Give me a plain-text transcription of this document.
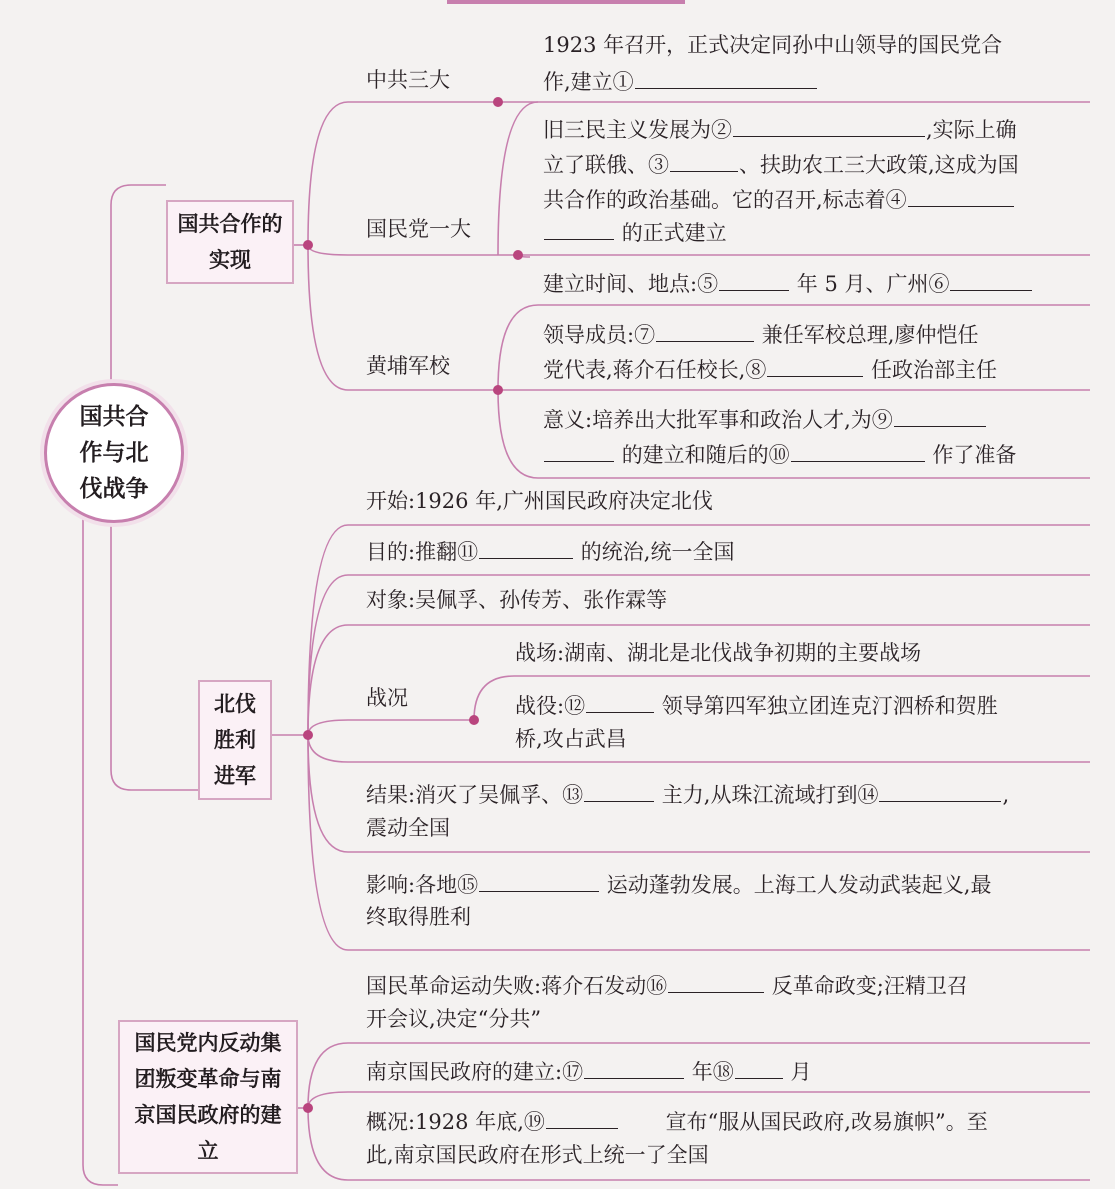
国共合作与北伐战争
国共合作的实现
北伐胜利进军
国民党内反动集团叛变革命与南京国民政府的建立
中共三大
1923 年召开，正式决定同孙中山领导的国民党合
作,建立①
国民党一大
旧三民主义发展为②	,实际上确
立了联俄、③	、扶助农工三大政策,这成为国
共合作的政治基础。它的召开,标志着④
的正式建立
黄埔军校
建立时间、地点:⑤	年 5 月、广州⑥
领导成员:⑦	兼任军校总理,廖仲恺任
党代表,蒋介石任校长,⑧	任政治部主任
意义:培养出大批军事和政治人才,为⑨
的建立和随后的⑩	作了准备
开始:1926 年,广州国民政府决定北伐
目的:推翻⑪	的统治,统一全国
对象:吴佩孚、孙传芳、张作霖等
战况
战场:湖南、湖北是北伐战争初期的主要战场
战役:⑫	领导第四军独立团连克汀泗桥和贺胜
桥,攻占武昌
结果:消灭了吴佩孚、⑬	主力,从珠江流域打到⑭	,
震动全国
影响:各地⑮	运动蓬勃发展。上海工人发动武装起义,最
终取得胜利
国民革命运动失败:蒋介石发动⑯	反革命政变;汪精卫召
开会议,决定“分共”
南京国民政府的建立:⑰	年⑱	月
概况:1928 年底,⑲	宣布“服从国民政府,改易旗帜”。至
此,南京国民政府在形式上统一了全国
